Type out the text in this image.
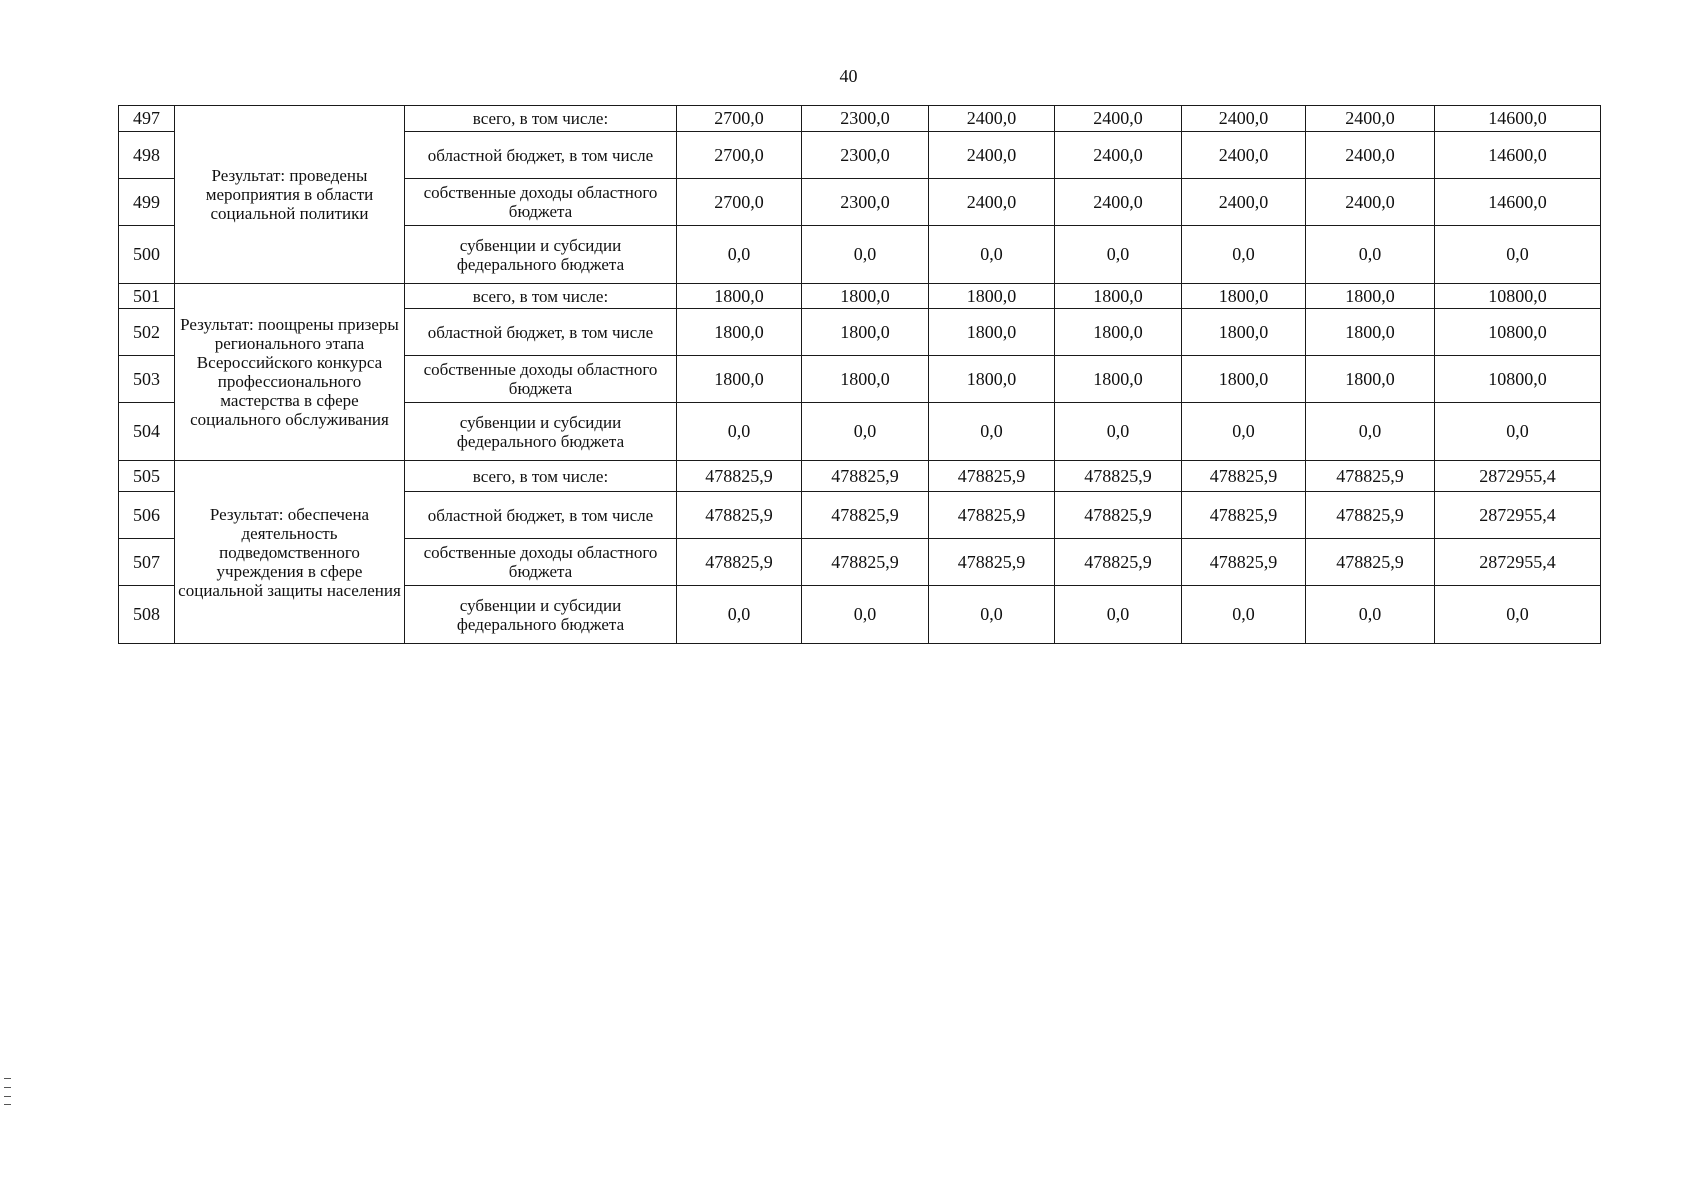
40
497	Результат: проведены мероприятия в области социальной политики	всего, в том числе:	2700,0	2300,0	2400,0	2400,0	2400,0	2400,0	14600,0
498		областной бюджет, в том числе	2700,0	2300,0	2400,0	2400,0	2400,0	2400,0	14600,0
499		собственные доходы областного бюджета	2700,0	2300,0	2400,0	2400,0	2400,0	2400,0	14600,0
500		субвенции и субсидии федерального бюджета	0,0	0,0	0,0	0,0	0,0	0,0	0,0
501	Результат: поощрены призеры регионального этапа Всероссийского конкурса профессионального мастерства в сфере социального обслуживания	всего, в том числе:	1800,0	1800,0	1800,0	1800,0	1800,0	1800,0	10800,0
502		областной бюджет, в том числе	1800,0	1800,0	1800,0	1800,0	1800,0	1800,0	10800,0
503		собственные доходы областного бюджета	1800,0	1800,0	1800,0	1800,0	1800,0	1800,0	10800,0
504		субвенции и субсидии федерального бюджета	0,0	0,0	0,0	0,0	0,0	0,0	0,0
505	Результат: обеспечена деятельность подведомственного учреждения в сфере социальной защиты населения	всего, в том числе:	478825,9	478825,9	478825,9	478825,9	478825,9	478825,9	2872955,4
506		областной бюджет, в том числе	478825,9	478825,9	478825,9	478825,9	478825,9	478825,9	2872955,4
507		собственные доходы областного бюджета	478825,9	478825,9	478825,9	478825,9	478825,9	478825,9	2872955,4
508		субвенции и субсидии федерального бюджета	0,0	0,0	0,0	0,0	0,0	0,0	0,0
